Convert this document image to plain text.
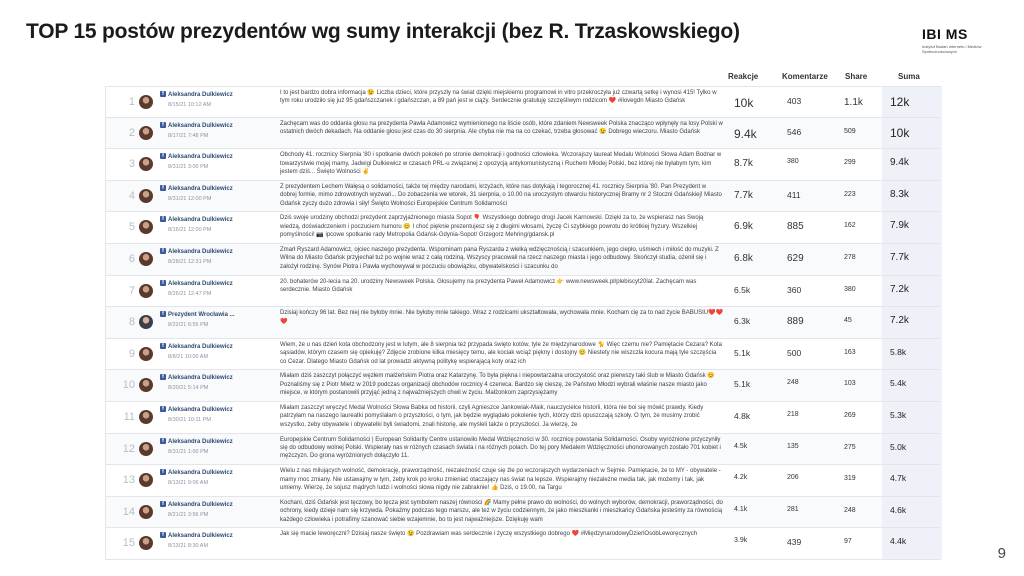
TOP 15 postów prezydentów wg sumy interakcji (bez R. Trzaskowskiego)	IBI MS
Instytut Badań Internetu i Mediów Społecznościowych
Reakcje	Komentarze Share	Suma
1
f Aleksandra Dulkiewicz
8/15/21 10:12 AM
I to jest bardzo dobra informacja 😉 Liczba dzieci, które przyszły na świat dzięki miejskiemu programowi in vitro przekroczyła już czwartą setkę i wynosi 415! Tylko w tym roku urodziło się już 95 gdańszczanek i gdańszczan, a 89 pań jest w ciąży. Serdecznie gratuluję szczęśliwym rodzicom ❤️ #ilovegdn Miasto Gdańsk	10k	403	1.1k 12k
2
f Aleksandra Dulkiewicz
8/17/21 7:48 PM
Zachęcam was do oddania głosu na prezydenta Pawła Adamowicz wymienionego na liście osób, które zdaniem Newsweek Polska znacząco wpłynęły na losy Polski w ostatnich dwóch dekadach. Na oddanie głosu jest czas do 30 sierpnia. Ale chyba nie ma na co czekać, trzeba głosować 😉 Dobrego wieczoru. Miasto Gdańsk	9.4k	546	509	10k
3
f Aleksandra Dulkiewicz
8/31/21 3:00 PM
Obchody 41. rocznicy Sierpnia '80 i spotkanie dwóch pokoleń po stronie demokracji i godności człowieka. Wczorajszy laureat Medalu Wolności Słowa Adam Bodnar w towarzystwie mojej mamy, Jadwigi Dulkiewicz w czasach PRL-u związanej z opozycją antykomunistyczną i Ruchem Młodej Polski, bez której nie byłabym tym, kim jestem dziś... Święto Wolności ✌️
8.7k	380	299	9.4k
4
f Aleksandra Dulkiewicz
8/31/21 12:00 PM
Z prezydentem Lechem Wałęsą o solidarności, także tej między narodami, krzyżach, które nas dotykają i tegorocznej 41. rocznicy Sierpnia '80. Pan Prezydent w dobrej formie, mimo zdrowotnych wyzwań... Do zobaczenia we wtorek, 31 sierpnia, o 10.00 na uroczystym otwarciu historycznej Bramy nr 2 Stoczni Gdańskiej! Miasto Gdańsk zyczy dużo zdrowia i siły! Święto Wolności Europejskie Centrum Solidarności
7.7k	411	223	8.3k
5
f Aleksandra Dulkiewicz
8/16/21 12:00 PM
Dziś swoje urodziny obchodzi prezydent zaprzyjaźnionego miasta Sopot 🎈 Wszystkiego dobrego drogi Jacek Karnowski. Dzięki za to, że wspierasz nas Swoją wiedzą, doświadczeniem i poczuciem humoru 😊 I choć pięknie prezentujesz się z długimi włosami, życzę Ci szybkiego powrotu do krótkiej fryzury. Wszelkiej pomyślności! 📷 ipcowe spotkanie rady Metropolia Gdańsk-Gdynia-Sopot/ Grzegorz Mehring/gdansk.pl
6.9k	885	162	7.9k
6
f Aleksandra Dulkiewicz
8/28/21 12:31 PM
Zmarł Ryszard Adamowicz, ojciec naszego prezydenta. Wspominam pana Ryszarda z wielką wdzięcznością i szacunkiem, jego ciepło, uśmiech i miłość do muzyki. Z Wilna do Miasto Gdańsk przyjechał tuż po wojnie wraz z całą rodziną. Wszyscy pracowali na rzecz naszego miasta i jego odbudowy. Skończył studia, ożenił się i założył rodzinę. Synów Piotra i Pawła wychowywał w poczuciu obowiązku, obywatelskości i szacunku do
6.8k	629	278	7.7k
7
f Aleksandra Dulkiewicz
8/26/21 12:47 PM
20. bohaterów 20-lecia na 20. urodziny Newsweek Polska. Głosujemy na prezydenta Paweł Adamowicz 👉 www.newsweek.pl/plebiscyt20lat. Zachęcam was serdecznie. Miasto Gdańsk	6.5k	360	380	7.2k
8
f Prezydent Wrocławia ...
8/22/21 6:55 PM
Dzisiaj kończy 96 lat. Bez niej nie byłoby mnie. Nie byłoby mnie takiego. Wraz z rodzicami ukształtowała, wychowała mnie. Kocham cię za to nad życie BABUSIU❤️❤️❤️	6.3k	889	45	7.2k
9
f Aleksandra Dulkiewicz
8/8/21 10:00 AM
Wiem, że u nas dzień kota obchodzony jest w lutym, ale 8 sierpnia też przypada święto kotów, tyle że międzynarodowe 🐈 Więc czemu nie? Pamiętacie Cezara? Kota sąsiadów, którym czasem się opiekuję? Zdjęcie zrobione kilka miesięcy temu, ale kociak wciąż piękny i dostojny 😊 Niestety nie wiszczła kocura mają tyle szczęścia co Cezar. Dlatego Miasto Gdańsk od lat prowadzi aktywną politykę wspierającą koty oraz ich
5.1k	500	163	5.8k
10
f Aleksandra Dulkiewicz
8/20/21 5:14 PM
Miałam dziś zaszczyt połączyć węzłem małżeńskim Piotra oraz Katarzynę. To była piękna i niepowtarzalna uroczystość oraz pierwszy taki ślub w Miasto Gdańsk 😊 Poznaliśmy się z Piotr Mietz w 2019 podczas organizacji obchodów rocznicy 4 czerwca. Bardzo się cieszę, że Państwo Młodzi wybrali właśnie nasze miasto jako miejsce, w którym postanowili przyjąć jedną z najważniejszych chwil w życiu. Małżonkom zaprzysiężamy
5.1k	248	103	5.4k
11
f Aleksandra Dulkiewicz
8/30/21 10:11 PM
Miałam zaszczyt wręczyć Medal Wolności Słowa Babka od historii, czyli Agnieszce Jankowiak-Maik, nauczycielce historii, która nie boi się mówić prawdy. Kiedy patrzyłam na naszego laureatki pomyślałam o przyszłości, o tym, jak będzie wyglądało pokolenie tych, którzy dziś opuszczają szkoły. O tym, że musimy zrobić wszystko, żeby obywatele i obywatelki byli świadomi, znali historię, ale myśleli także o przyszłości. Ja wierzę, że
4.8k	218	269	5.3k
12
f Aleksandra Dulkiewicz
8/31/21 1:00 PM
Europejskie Centrum Solidarności | European Solidarity Centre ustanowiło Medal Wdzięczności w 30. rocznicę powstania Solidarności. Osoby wyróżnione przyczyniły się do odbudowy wolnej Polski. Wspierały nas w różnych czasach świata i na różnych polach. Do tej pory Medalem Wdzięczności uhonorowanych zostało 701 kobiet i mężczyzn. Do grona wyróżnionych dołączyło 11.
4.5k	135	275	5.0k
13
f Aleksandra Dulkiewicz
8/13/21 9:06 AM
Wielu z nas milujących wolność, demokrację, praworządność, niezależność czuje się źle po wczorajszych wydarzeniach w Sejmie. Pamiętacie, że to MY - obywatele - mamy moc zmiany. Nie ustawajmy w tym, żeby krok po kroku zmieniać otaczający nas świat na lepsze. Wspierajmy niezależne media tak, jak możemy i tak, jak umiemy. Wierzę, że sojusz mądrych ludzi i wolności słowa nigdy nie zabraknie! 👍 Dziś, o 19.00, na Targu
4.2k	206	319	4.7k
14
f Aleksandra Dulkiewicz
8/21/21 3:56 PM
Kochani, dziś Gdańsk jest tęczowy, bo tęcza jest symbolem naszej równości 🌈 Mamy pełne prawo do wolności, do wolnych wyborów, demokracji, praworządności, do ochrony, kiedy dzieje nam się krzywda. Pokażmy podczas tego marszu, ale też w życiu codziennym, że jako mieszkanki i mieszkańcy Gdańska jesteśmy za równością każdego człowieka i potrafimy szanować siebie wzajemnie, bo to jest najważniejsze. Dziękuję wam
4.1k	281	248	4.6k
15
f Aleksandra Dulkiewicz
8/13/21 8:30 AM
Jak się macie leworęczni? Dzisiaj nasze święto 😉 Pozdrawiam was serdecznie i życzę wszystkiego dobrego ❤️ #MiędzynarodowyDzieńOsóbLeworęcznych
3.9k	439	97	4.4k
9
